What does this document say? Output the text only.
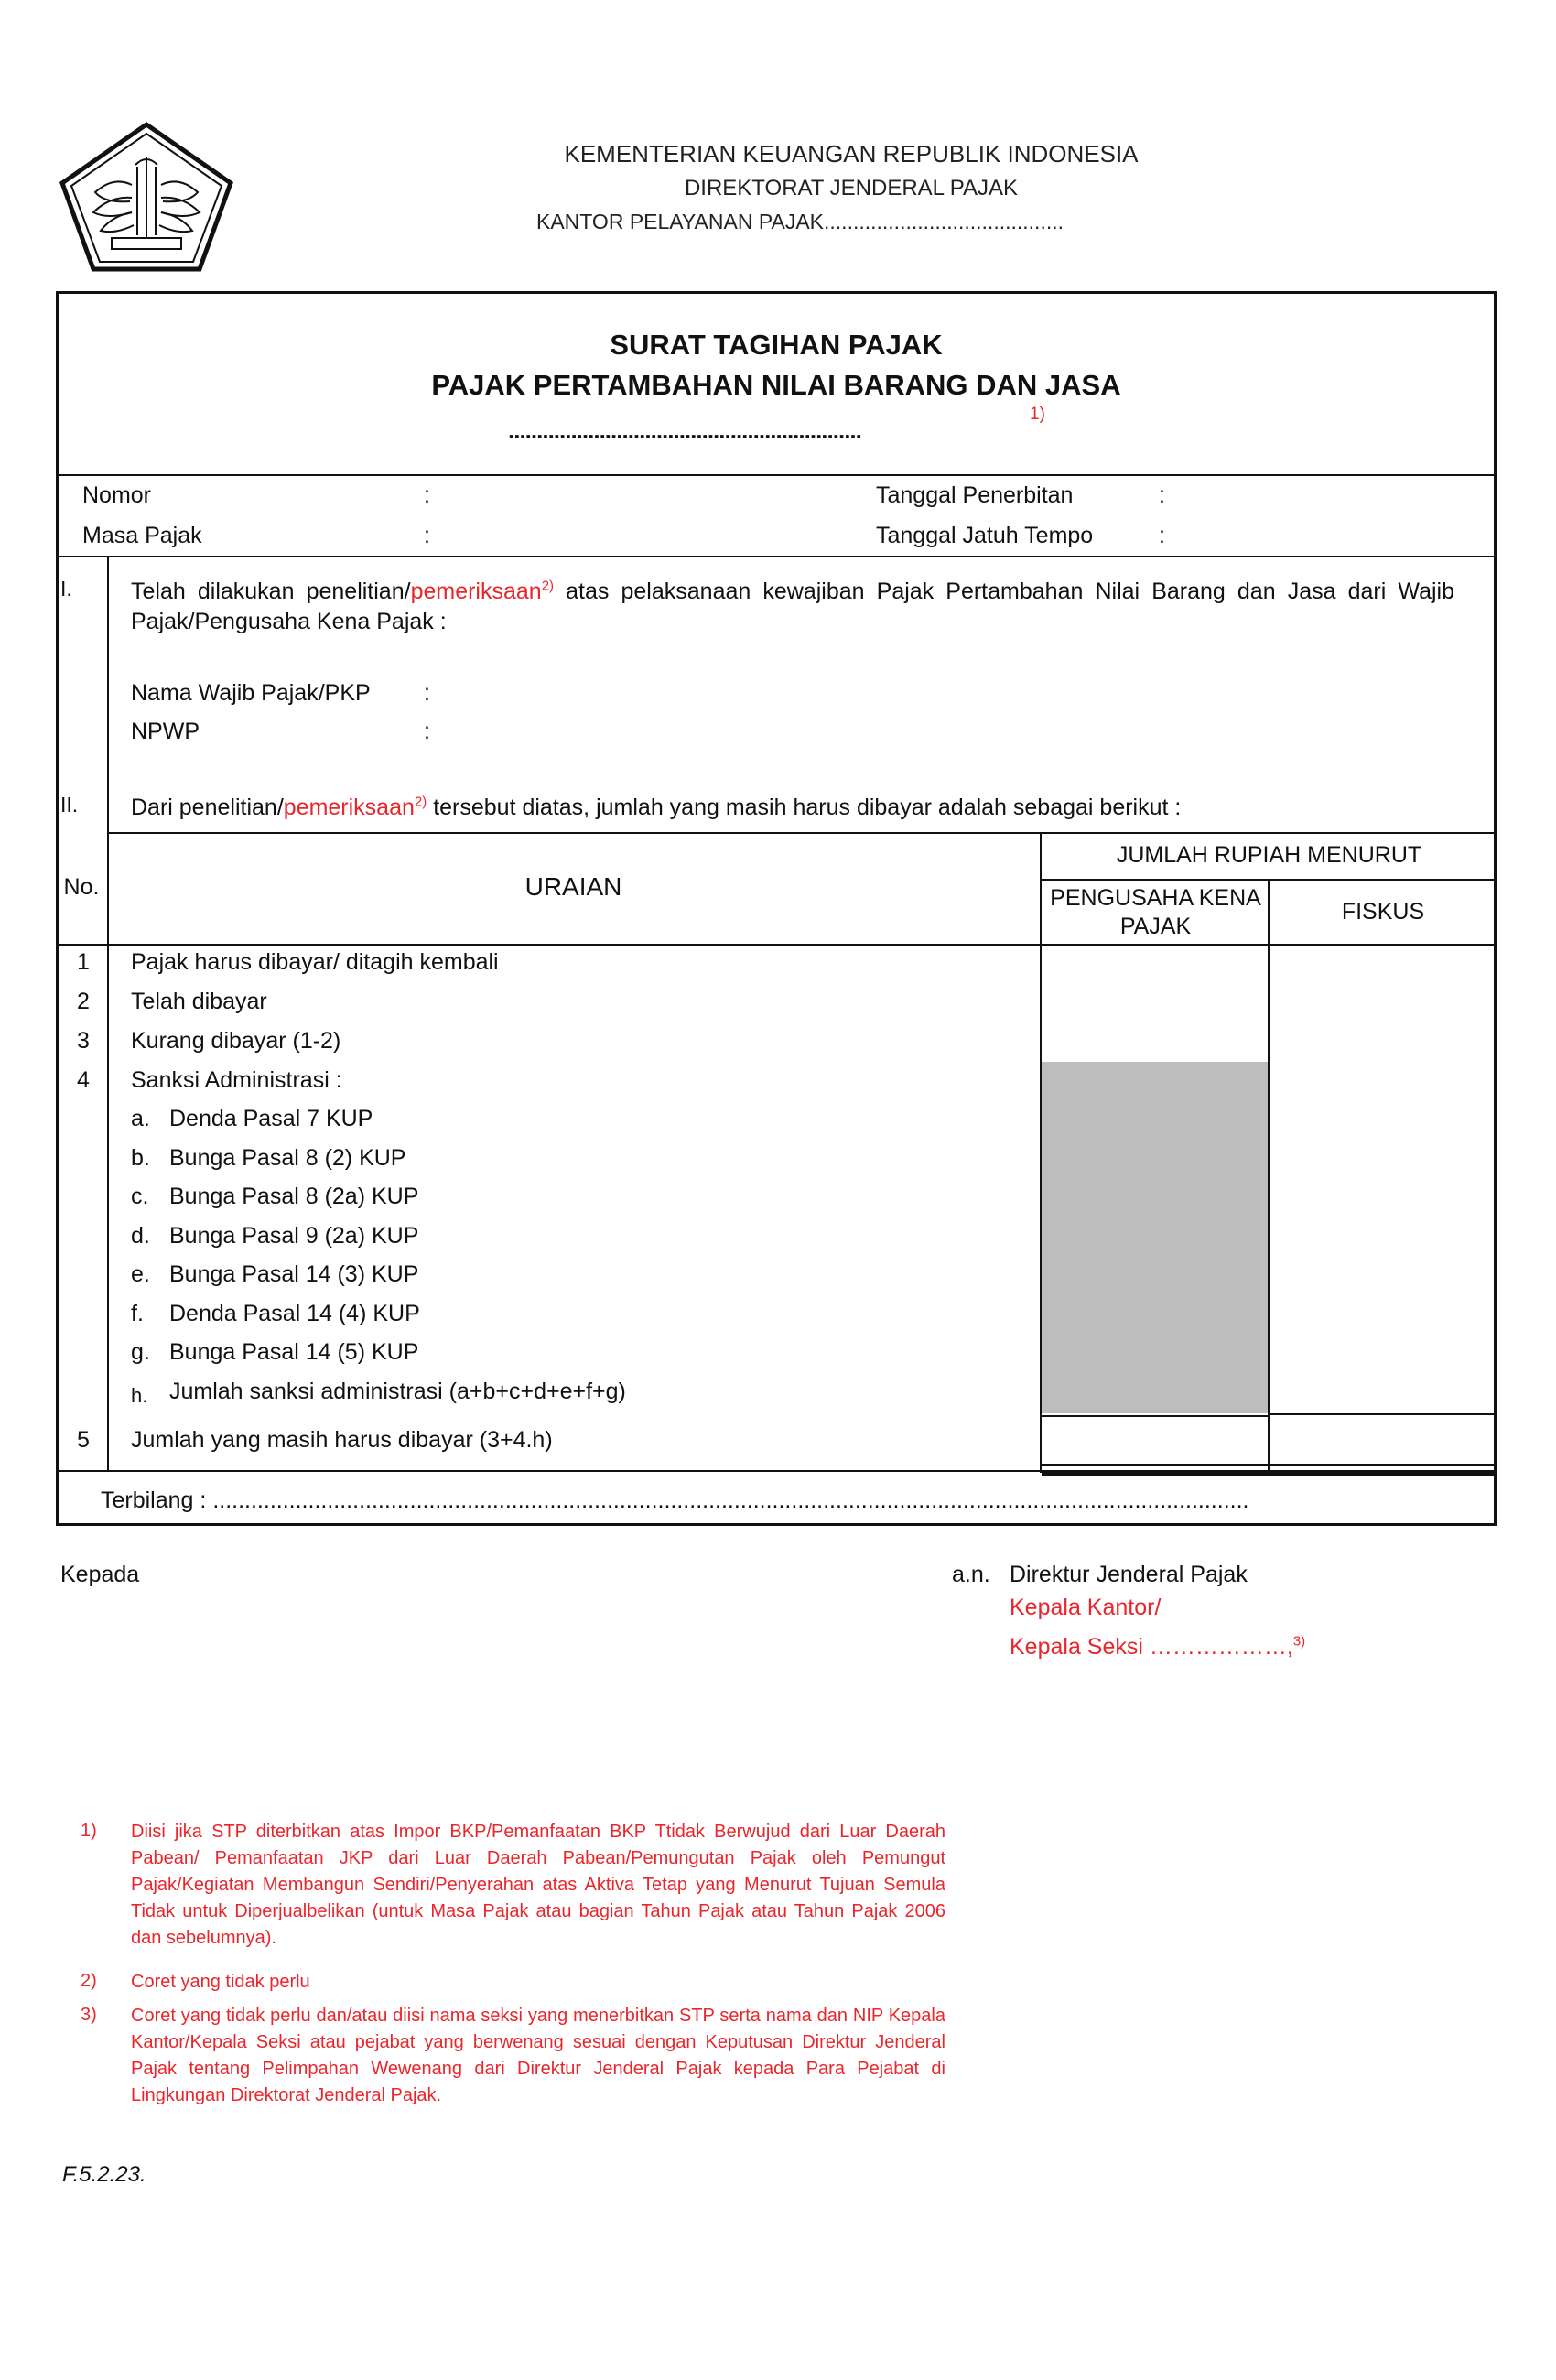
KEMENTERIAN KEUANGAN REPUBLIK INDONESIA
DIREKTORAT JENDERAL PAJAK
KANTOR PELAYANAN PAJAK.........................................
SURAT TAGIHAN PAJAK
PAJAK PERTAMBAHAN NILAI BARANG DAN JASA
..............................................................
1)
Nomor	:
Masa Pajak	:
Tanggal Penerbitan	:
Tanggal Jatuh Tempo	:
I.	Telah dilakukan penelitian/pemeriksaan$^{2)}$ atas pelaksanaan kewajiban Pajak Pertambahan Nilai Barang dan Jasa dari Wajib Pajak/Pengusaha Kena Pajak :
Nama Wajib Pajak/PKP :
NPWP	:
II. Dari penelitian/pemeriksaan$^{2)}$ tersebut diatas, jumlah yang masih harus dibayar adalah sebagai berikut :
No.	URAIAN
JUMLAH RUPIAH MENURUT
PENGUSAHA KENA PAJAK
FISKUS
1	Pajak harus dibayar/ ditagih kembali
2	Telah dibayar
3	Kurang dibayar (1-2)
4	Sanksi Administrasi :
a. Denda Pasal 7 KUP
b. Bunga Pasal 8 (2) KUP
c. Bunga Pasal 8 (2a) KUP
d. Bunga Pasal 9 (2a) KUP
e. Bunga Pasal 14 (3) KUP
f. Denda Pasal 14 (4) KUP
g. Bunga Pasal 14 (5) KUP
h. Jumlah sanksi administrasi (a+b+c+d+e+f+g)
5	Jumlah yang masih harus dibayar (3+4.h)
Terbilang : ...................................................................................................................................................................
Kepada	a.n. Direktur Jenderal Pajak
Kepala Kantor/
Kepala Seksi ………………,$^{3)}$
1) Diisi jika STP diterbitkan atas Impor BKP/Pemanfaatan BKP Ttidak Berwujud dari Luar Daerah Pabean/ Pemanfaatan JKP dari Luar Daerah Pabean/Pemungutan Pajak oleh Pemungut Pajak/Kegiatan Membangun Sendiri/Penyerahan atas Aktiva Tetap yang Menurut Tujuan Semula Tidak untuk Diperjualbelikan (untuk Masa Pajak atau bagian Tahun Pajak atau Tahun Pajak 2006 dan sebelumnya).
2) Coret yang tidak perlu
3) Coret yang tidak perlu dan/atau diisi nama seksi yang menerbitkan STP serta nama dan NIP Kepala Kantor/Kepala Seksi atau pejabat yang berwenang sesuai dengan Keputusan Direktur Jenderal Pajak tentang Pelimpahan Wewenang dari Direktur Jenderal Pajak kepada Para Pejabat di Lingkungan Direktorat Jenderal Pajak.
F.5.2.23.
